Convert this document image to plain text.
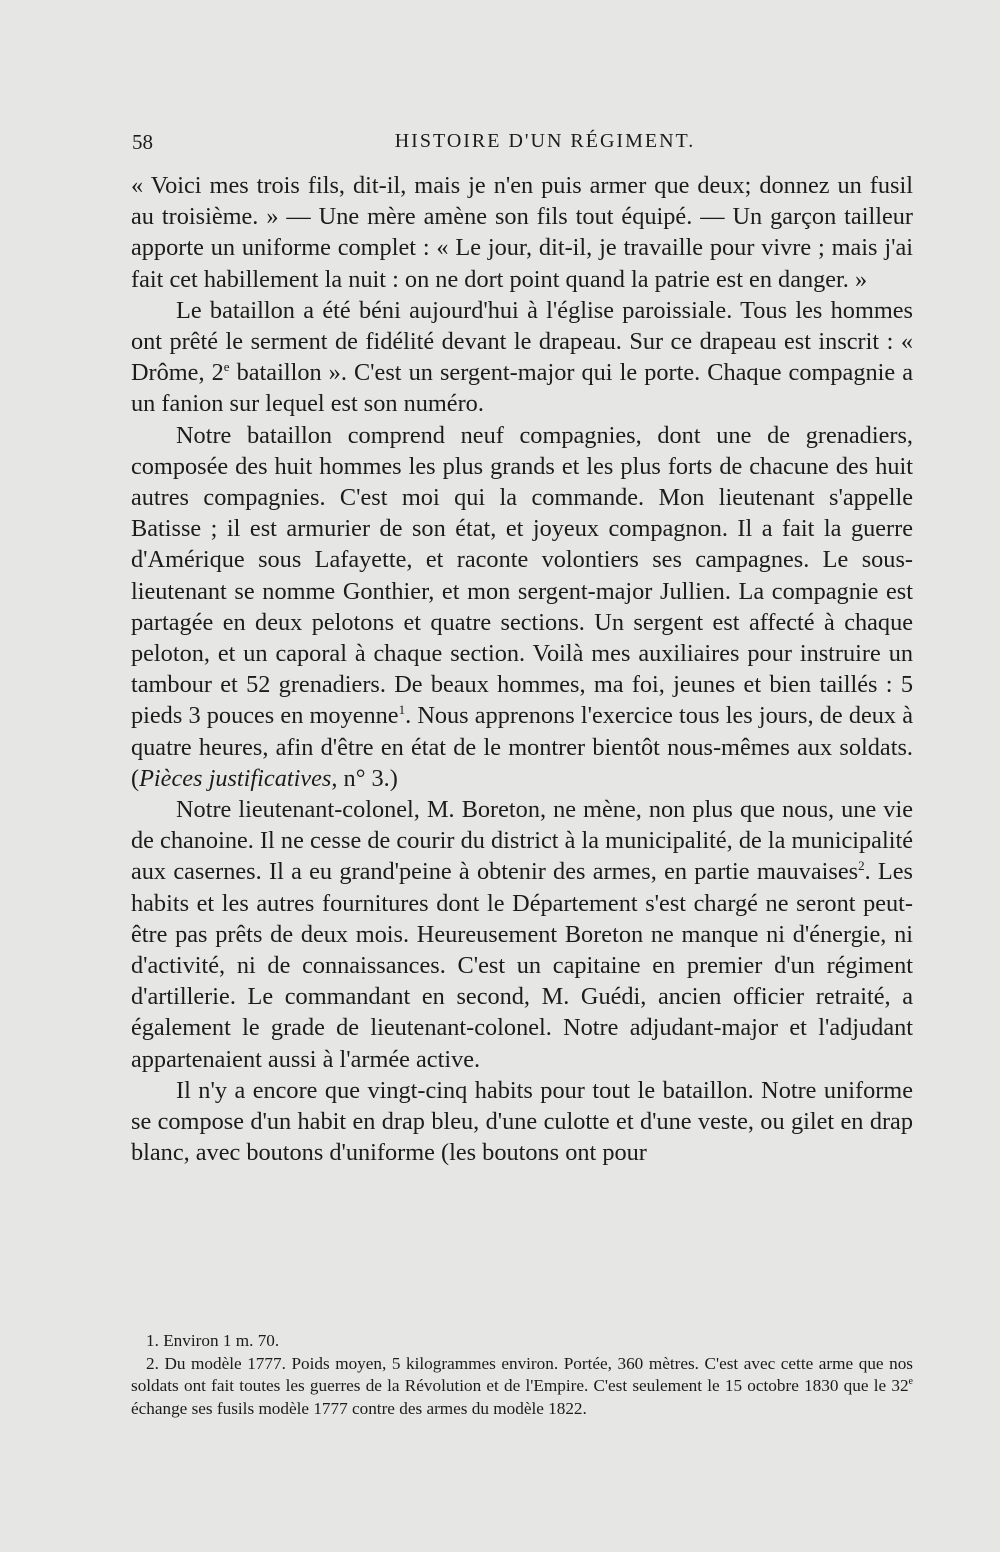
58	HISTOIRE D'UN RÉGIMENT.

« Voici mes trois fils, dit-il, mais je n'en puis armer que deux; donnez un fusil au troisième. » — Une mère amène son fils tout équipé. — Un garçon tailleur apporte un uniforme complet : « Le jour, dit-il, je travaille pour vivre ; mais j'ai fait cet habillement la nuit : on ne dort point quand la patrie est en danger. »

Le bataillon a été béni aujourd'hui à l'église paroissiale. Tous les hommes ont prêté le serment de fidélité devant le drapeau. Sur ce drapeau est inscrit : « Drôme, 2e bataillon ». C'est un sergent-major qui le porte. Chaque compagnie a un fanion sur lequel est son numéro.

Notre bataillon comprend neuf compagnies, dont une de grenadiers, composée des huit hommes les plus grands et les plus forts de chacune des huit autres compagnies. C'est moi qui la commande. Mon lieutenant s'appelle Batisse ; il est armurier de son état, et joyeux compagnon. Il a fait la guerre d'Amérique sous Lafayette, et raconte volontiers ses campagnes. Le sous-lieutenant se nomme Gonthier, et mon sergent-major Jullien. La compagnie est partagée en deux pelotons et quatre sections. Un sergent est affecté à chaque peloton, et un caporal à chaque section. Voilà mes auxiliaires pour instruire un tambour et 52 grenadiers. De beaux hommes, ma foi, jeunes et bien taillés : 5 pieds 3 pouces en moyenne$^1$. Nous apprenons l'exercice tous les jours, de deux à quatre heures, afin d'être en état de le montrer bientôt nous-mêmes aux soldats. (Pièces justificatives, n° 3.)

Notre lieutenant-colonel, M. Boreton, ne mène, non plus que nous, une vie de chanoine. Il ne cesse de courir du district à la municipalité, de la municipalité aux casernes. Il a eu grand'peine à obtenir des armes, en partie mauvaises$^2$. Les habits et les autres fournitures dont le Département s'est chargé ne seront peut-être pas prêts de deux mois. Heureusement Boreton ne manque ni d'énergie, ni d'activité, ni de connaissances. C'est un capitaine en premier d'un régiment d'artillerie. Le commandant en second, M. Guédi, ancien officier retraité, a également le grade de lieutenant-colonel. Notre adjudant-major et l'adjudant appartenaient aussi à l'armée active.

Il n'y a encore que vingt-cinq habits pour tout le bataillon. Notre uniforme se compose d'un habit en drap bleu, d'une culotte et d'une veste, ou gilet en drap blanc, avec boutons d'uniforme (les boutons ont pour

1. Environ 1 m. 70.

2. Du modèle 1777. Poids moyen, 5 kilogrammes environ. Portée, 360 mètres. C'est avec cette arme que nos soldats ont fait toutes les guerres de la Révolution et de l'Empire. C'est seulement le 15 octobre 1830 que le 32e échange ses fusils modèle 1777 contre des armes du modèle 1822.
